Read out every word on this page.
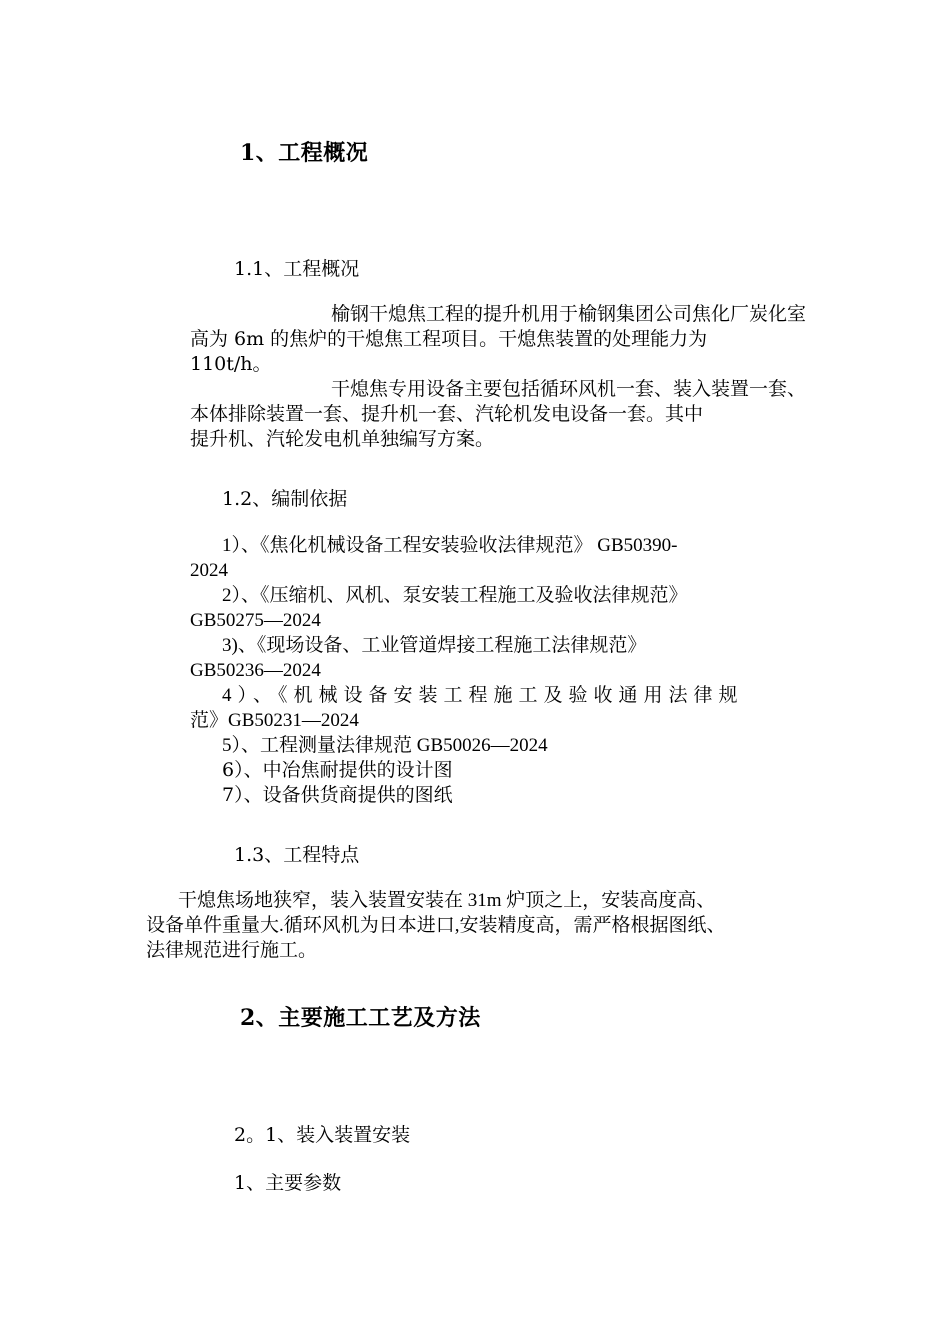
1、工程概况
1.1、工程概况
榆钢干熄焦工程的提升机用于榆钢集团公司焦化厂炭化室
高为 6m 的焦炉的干熄焦工程项目。干熄焦装置的处理能力为
110t/h。
干熄焦专用设备主要包括循环风机一套、装入装置一套、
本体排除装置一套、提升机一套、汽轮机发电设备一套。其中
提升机、汽轮发电机单独编写方案。
1.2、编制依据
1）、《焦化机械设备工程安装验收法律规范》 GB50390-
2024
2）、《压缩机、风机、泵安装工程施工及验收法律规范》
GB50275—2024
3)、《现场设备、工业管道焊接工程施工法律规范》
GB50236—2024
4）、《机械设备安装工程施工及验收通用法律规
范》GB50231—2024
5）、工程测量法律规范 GB50026—2024
6）、中冶焦耐提供的设计图
7）、设备供货商提供的图纸
1.3、工程特点
干熄焦场地狭窄，装入装置安装在 31m 炉顶之上，安装高度高、
设备单件重量大.循环风机为日本进口,安装精度高，需严格根据图纸、
法律规范进行施工。
2、主要施工工艺及方法
2。1、装入装置安装
1、主要参数
